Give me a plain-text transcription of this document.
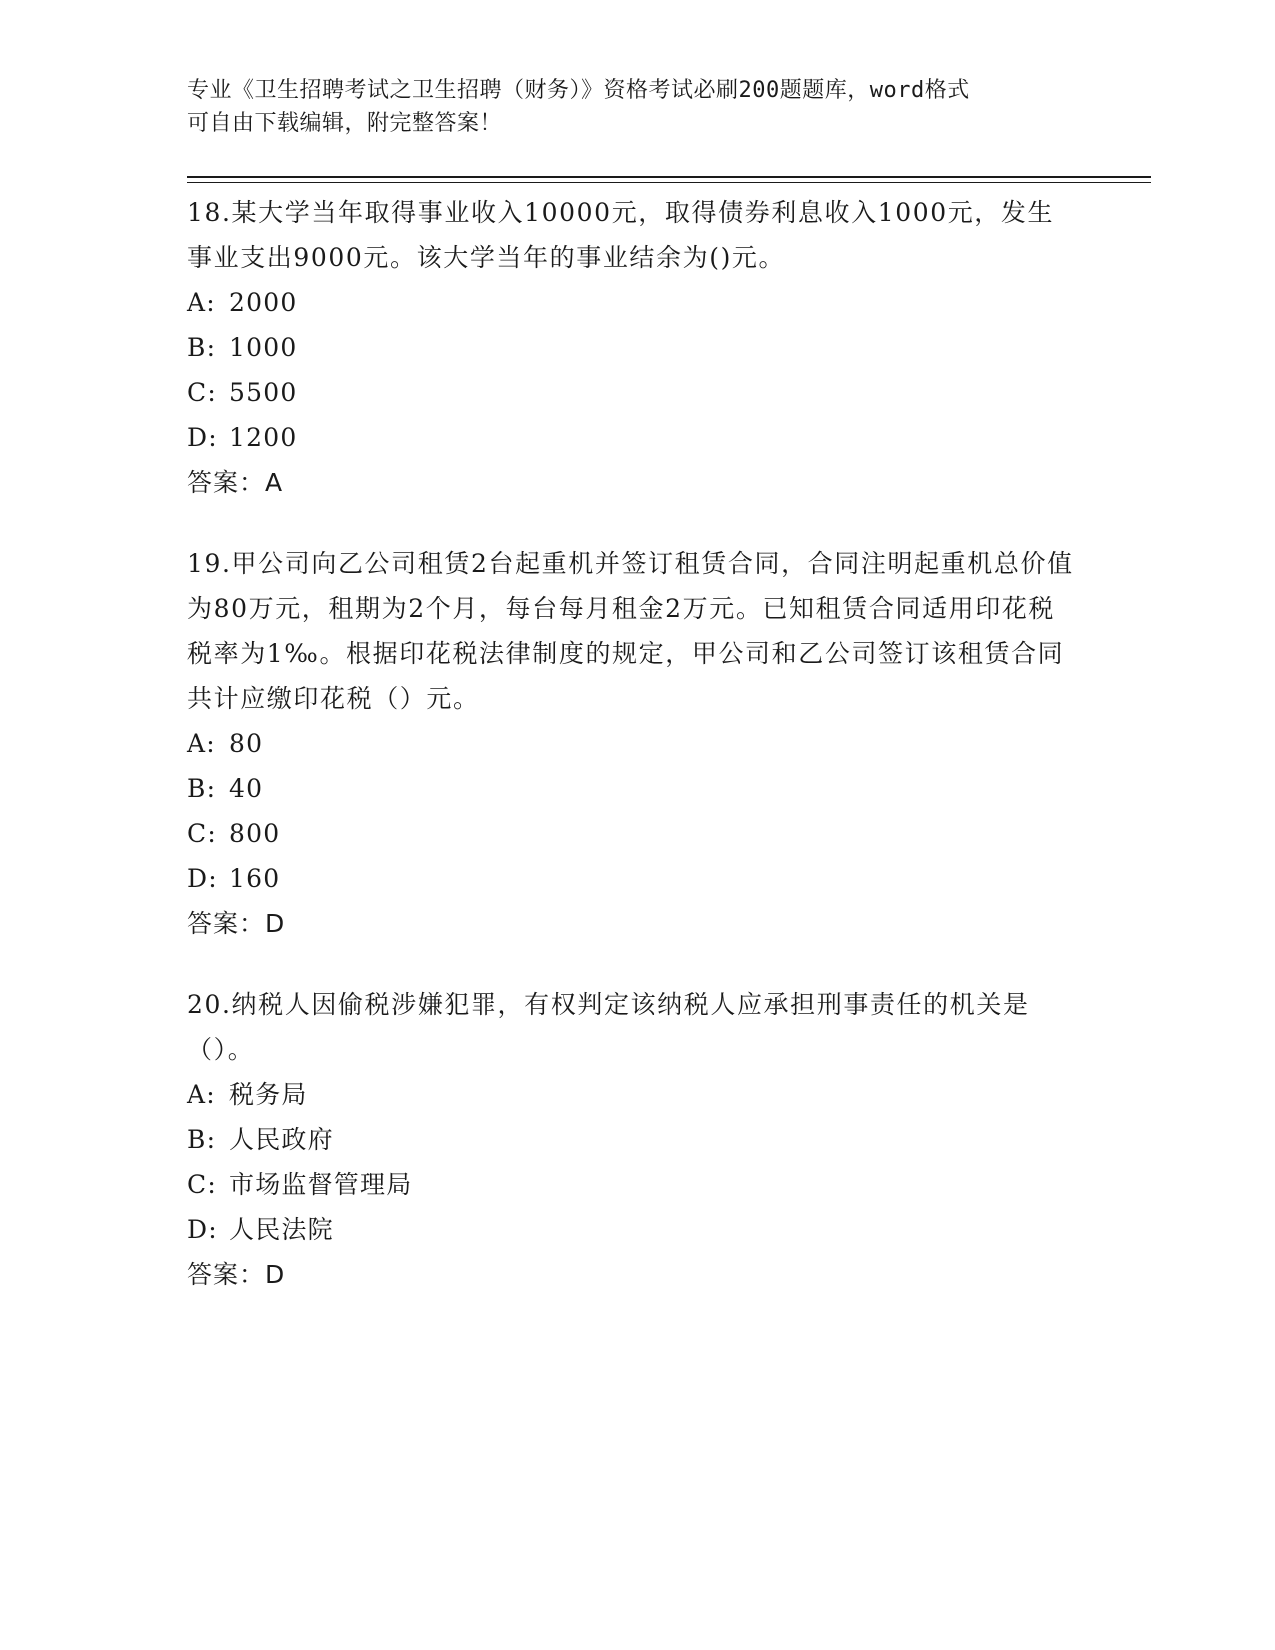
专业《卫生招聘考试之卫生招聘（财务）》资格考试必刷200题题库，word格式
可自由下载编辑，附完整答案！

18.某大学当年取得事业收入10000元，取得债券利息收入1000元，发生事业支出9000元。该大学当年的事业结余为()元。

A: 2000
B: 1000
C: 5500
D: 1200
答案：A

19.甲公司向乙公司租赁2台起重机并签订租赁合同，合同注明起重机总价值为80万元，租期为2个月，每台每月租金2万元。已知租赁合同适用印花税税率为1‰。根据印花税法律制度的规定，甲公司和乙公司签订该租赁合同共计应缴印花税（）元。

A: 80
B: 40
C: 800
D: 160
答案：D

20.纳税人因偷税涉嫌犯罪，有权判定该纳税人应承担刑事责任的机关是（）。

A: 税务局
B: 人民政府
C: 市场监督管理局
D: 人民法院
答案：D
